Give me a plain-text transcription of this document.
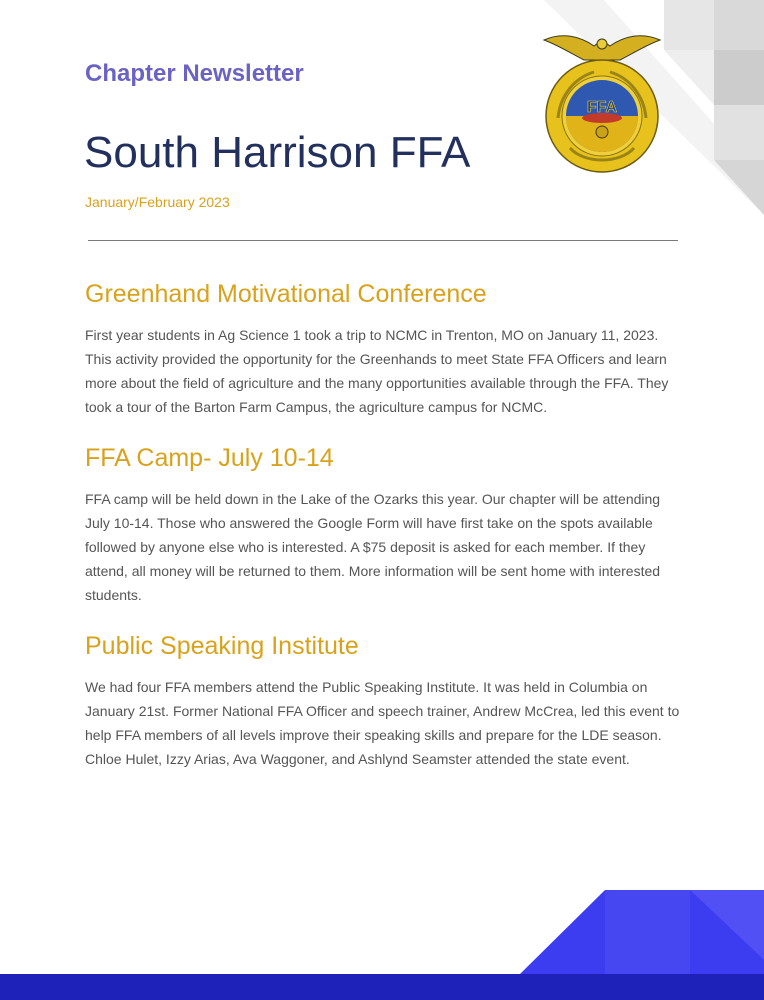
FFA
Chapter Newsletter
South Harrison FFA
January/February 2023
Greenhand Motivational Conference

First year students in Ag Science 1 took a trip to NCMC in Trenton, MO on January 11, 2023. This activity provided the opportunity for the Greenhands to meet State FFA Officers and learn more about the field of agriculture and the many opportunities available through the FFA. They took a tour of the Barton Farm Campus, the agriculture campus for NCMC.

FFA Camp- July 10-14

FFA camp will be held down in the Lake of the Ozarks this year. Our chapter will be attending July 10-14. Those who answered the Google Form will have first take on the spots available followed by anyone else who is interested. A $75 deposit is asked for each member. If they attend, all money will be returned to them. More information will be sent home with interested students.

Public Speaking Institute

We had four FFA members attend the Public Speaking Institute. It was held in Columbia on January 21st. Former National FFA Officer and speech trainer, Andrew McCrea, led this event to help FFA members of all levels improve their speaking skills and prepare for the LDE season. Chloe Hulet, Izzy Arias, Ava Waggoner, and Ashlynd Seamster attended the state event.
